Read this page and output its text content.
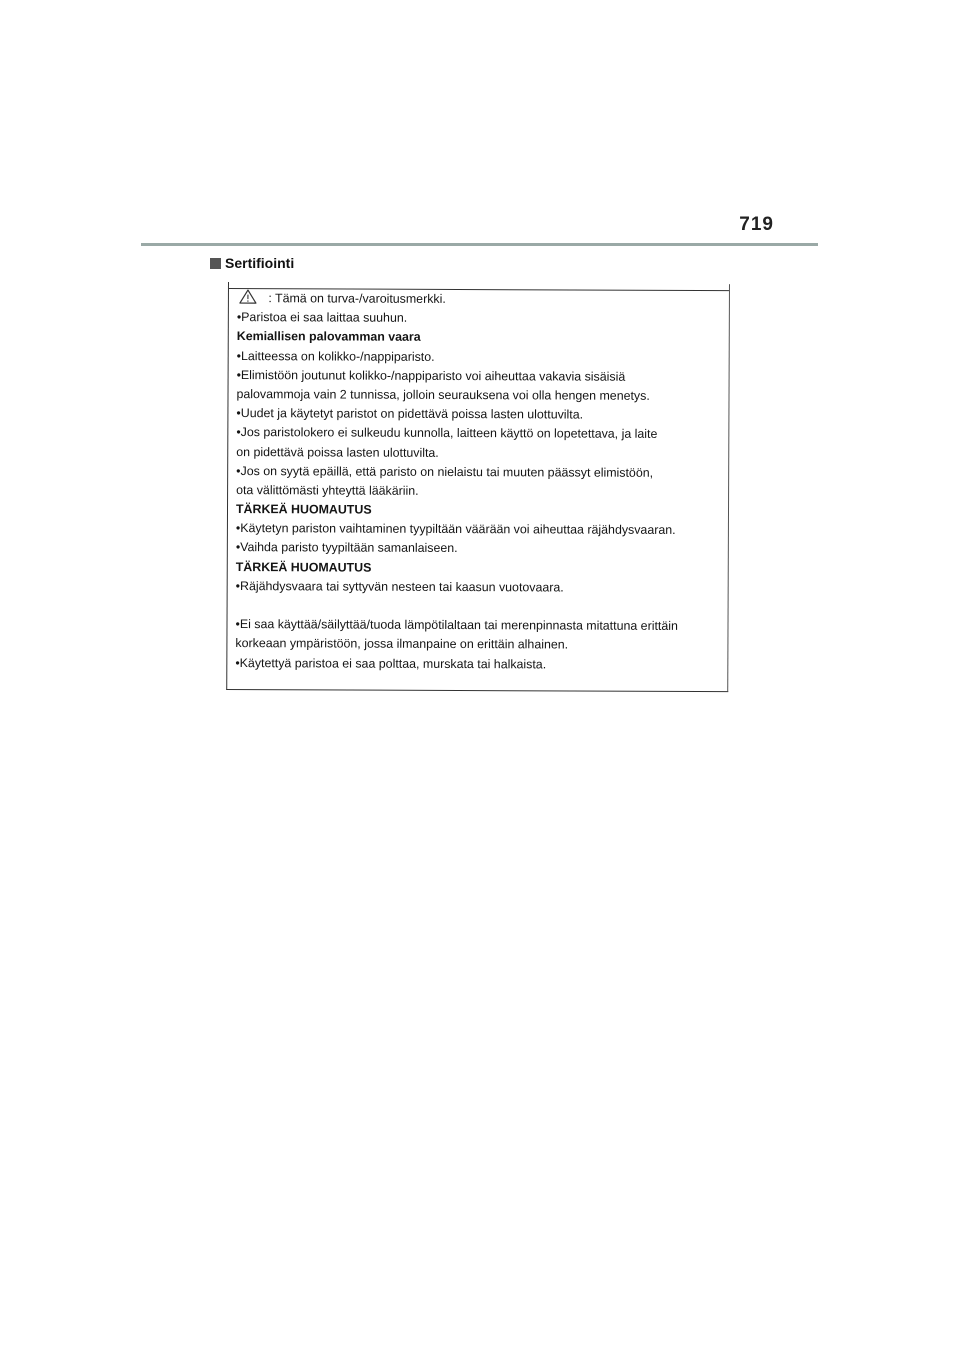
719
Sertifiointi
: Tämä on turva-/varoitusmerkki.
•Paristoa ei saa laittaa suuhun.
Kemiallisen palovamman vaara
•Laitteessa on kolikko-/nappiparisto.
•Elimistöön joutunut kolikko-/nappiparisto voi aiheuttaa vakavia sisäisiä
palovammoja vain 2 tunnissa, jolloin seurauksena voi olla hengen menetys.
•Uudet ja käytetyt paristot on pidettävä poissa lasten ulottuvilta.
•Jos paristolokero ei sulkeudu kunnolla, laitteen käyttö on lopetettava, ja laite
on pidettävä poissa lasten ulottuvilta.
•Jos on syytä epäillä, että paristo on nielaistu tai muuten päässyt elimistöön,
ota välittömästi yhteyttä lääkäriin.
TÄRKEÄ HUOMAUTUS
•Käytetyn pariston vaihtaminen tyypiltään väärään voi aiheuttaa räjähdysvaaran.
•Vaihda paristo tyypiltään samanlaiseen.
TÄRKEÄ HUOMAUTUS
•Räjähdysvaara tai syttyvän nesteen tai kaasun vuotovaara.
•Ei saa käyttää/säilyttää/tuoda lämpötilaltaan tai merenpinnasta mitattuna erittäin
korkeaan ympäristöön, jossa ilmanpaine on erittäin alhainen.
•Käytettyä paristoa ei saa polttaa, murskata tai halkaista.
